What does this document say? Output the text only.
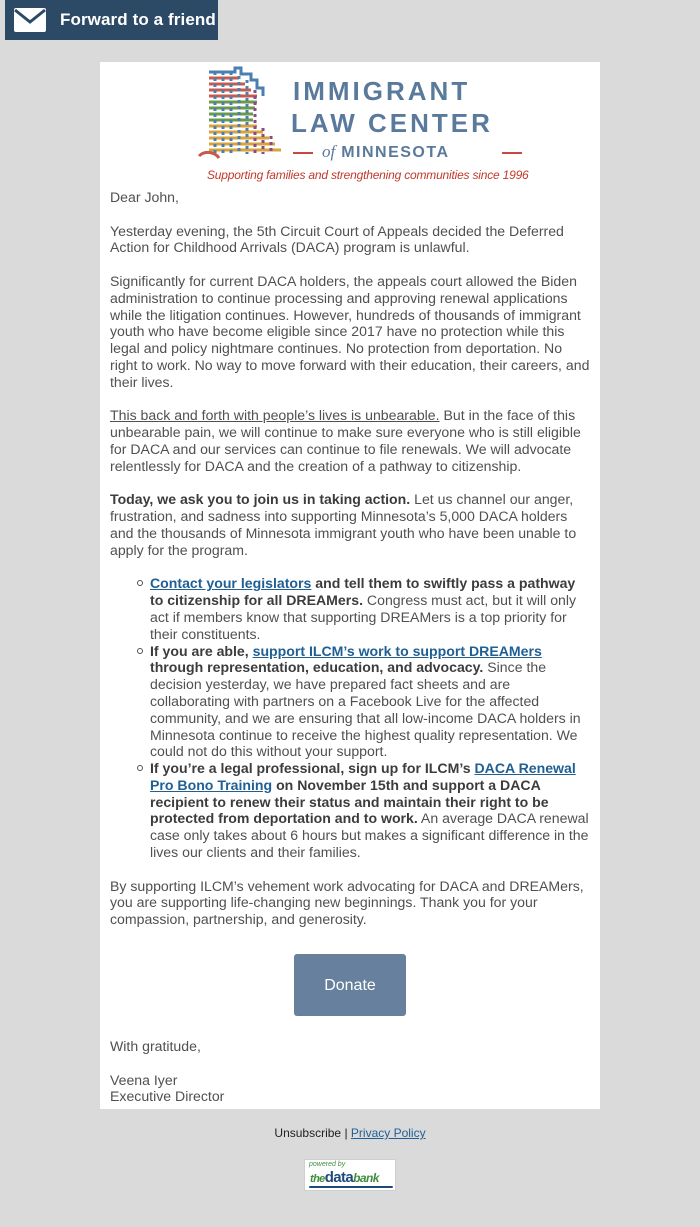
Forward to a friend
IMMIGRANT
LAW CENTER
of MINNESOTA
Supporting families and strengthening communities since 1996

Dear John,

Yesterday evening, the 5th Circuit Court of Appeals decided the Deferred Action for Childhood Arrivals (DACA) program is unlawful.

Significantly for current DACA holders, the appeals court allowed the Biden administration to continue processing and approving renewal applications while the litigation continues. However, hundreds of thousands of immigrant youth who have become eligible since 2017 have no protection while this legal and policy nightmare continues. No protection from deportation. No right to work. No way to move forward with their education, their careers, and their lives.

This back and forth with people’s lives is unbearable. But in the face of this unbearable pain, we will continue to make sure everyone who is still eligible for DACA and our services can continue to file renewals. We will advocate relentlessly for DACA and the creation of a pathway to citizenship.

Today, we ask you to join us in taking action. Let us channel our anger, frustration, and sadness into supporting Minnesota’s 5,000 DACA holders and the thousands of Minnesota immigrant youth who have been unable to apply for the program.

Contact your legislators and tell them to swiftly pass a pathway to citizenship for all DREAMers. Congress must act, but it will only act if members know that supporting DREAMers is a top priority for their constituents.
If you are able, support ILCM’s work to support DREAMers through representation, education, and advocacy. Since the decision yesterday, we have prepared fact sheets and are collaborating with partners on a Facebook Live for the affected community, and we are ensuring that all low-income DACA holders in Minnesota continue to receive the highest quality representation. We could not do this without your support.
If you’re a legal professional, sign up for ILCM’s DACA Renewal Pro Bono Training on November 15th and support a DACA recipient to renew their status and maintain their right to be protected from deportation and to work. An average DACA renewal case only takes about 6 hours but makes a significant difference in the lives our clients and their families.

By supporting ILCM’s vehement work advocating for DACA and DREAMers, you are supporting life-changing new beginnings. Thank you for your compassion, partnership, and generosity.

Donate

With gratitude,

Veena Iyer
Executive Director

Unsubscribe | Privacy Policy
powered by
thedatabank
